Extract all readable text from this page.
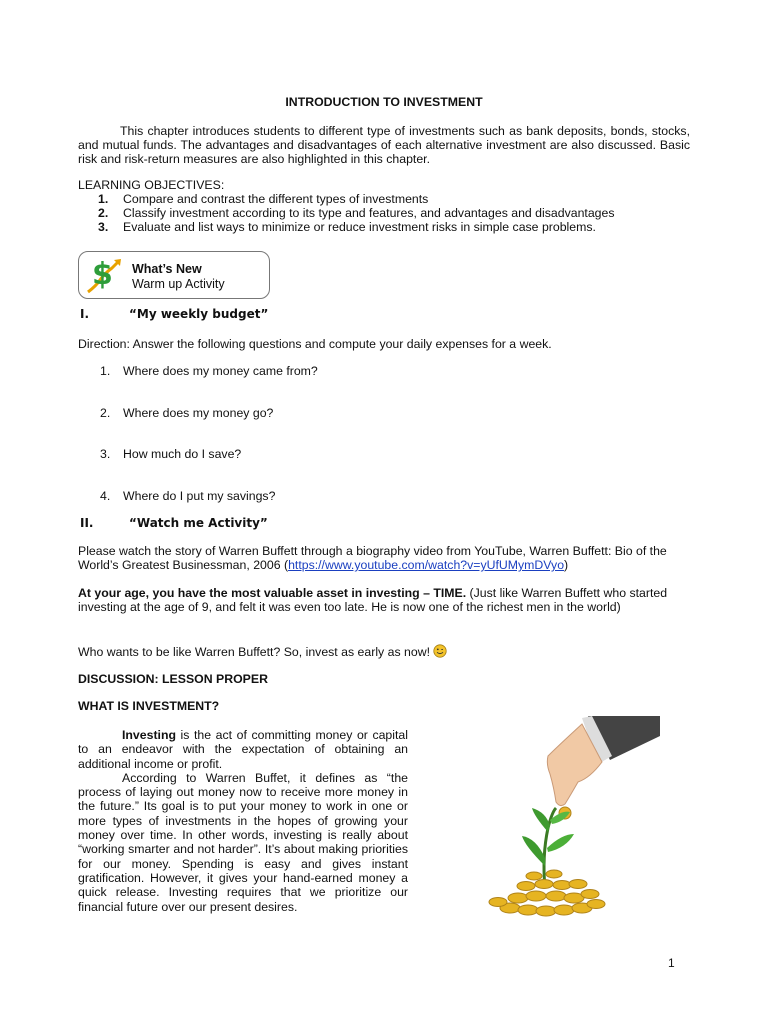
INTRODUCTION TO INVESTMENT
This chapter introduces students to different type of investments such as bank deposits, bonds, stocks, and mutual funds. The advantages and disadvantages of each alternative investment are also discussed. Basic risk and risk-return measures are also highlighted in this chapter.
LEARNING OBJECTIVES:
1. Compare and contrast the different types of investments
2. Classify investment according to its type and features, and advantages and disadvantages
3. Evaluate and list ways to minimize or reduce investment risks in simple case problems.
$ What’s New
Warm up Activity
I.	“My weekly budget”
Direction: Answer the following questions and compute your daily expenses for a week.
1. Where does my money came from?
2. Where does my money go?
3. How much do I save?
4. Where do I put my savings?
II.	“Watch me Activity”
Please watch the story of Warren Buffett through a biography video from YouTube, Warren Buffett: Bio of the World’s Greatest Businessman, 2006 (https://www.youtube.com/watch?v=yUfUMymDVyo)
At your age, you have the most valuable asset in investing – TIME. (Just like Warren Buffett who started investing at the age of 9, and felt it was even too late. He is now one of the richest men in the world)
Who wants to be like Warren Buffett? So, invest as early as now!
DISCUSSION: LESSON PROPER
WHAT IS INVESTMENT?
Investing is the act of committing money or capital to an endeavor with the expectation of obtaining an additional income or profit.
According to Warren Buffet, it defines as “the process of laying out money now to receive more money in the future.” Its goal is to put your money to work in one or more types of investments in the hopes of growing your money over time. In other words, investing is really about “working smarter and not harder”. It’s about making priorities for our money. Spending is easy and gives instant gratification. However, it gives your hand-earned money a quick release. Investing requires that we prioritize our financial future over our present desires.
1
